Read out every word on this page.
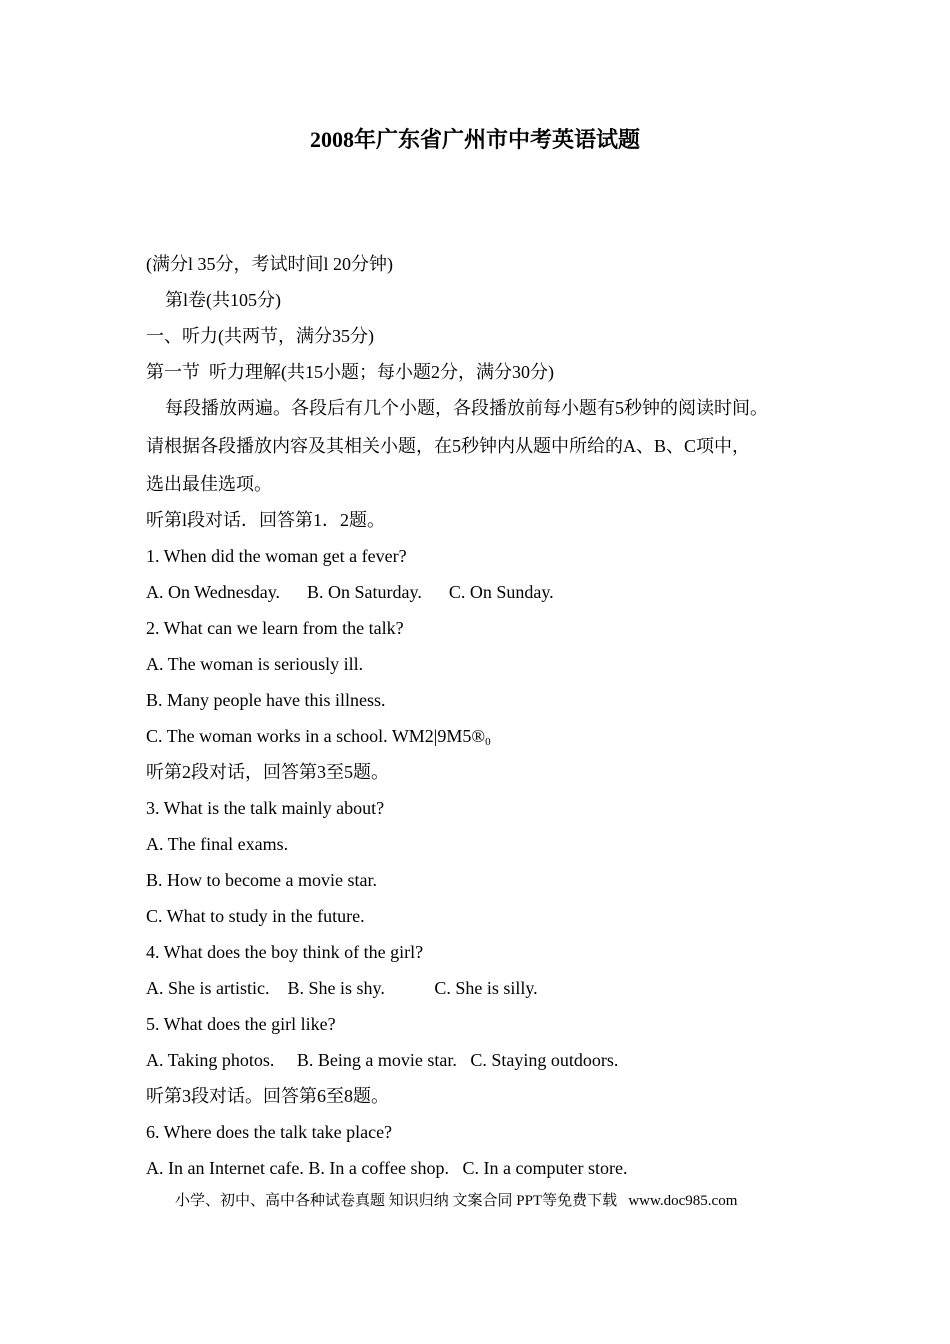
2008年广东省广州市中考英语试题
(满分l 35分，考试时间l 20分钟)
第l卷(共105分)
一、听力(共两节，满分35分)
第一节  听力理解(共15小题；每小题2分，满分30分)
每段播放两遍。各段后有几个小题，各段播放前每小题有5秒钟的阅读时间。
请根据各段播放内容及其相关小题，在5秒钟内从题中所给的A、B、C项中，
选出最佳选项。
听第l段对话．回答第1．2题。
1. When did the woman get a fever?
A. On Wednesday.      B. On Saturday.      C. On Sunday.
2. What can we learn from the talk?
A. The woman is seriously ill.
B. Many people have this illness.
C. The woman works in a school. $WM2|9M5®_0$
听第2段对话，回答第3至5题。
3. What is the talk mainly about?
A. The final exams.
B. How to become a movie star.
C. What to study in the future.
4. What does the boy think of the girl?
A. She is artistic.    B. She is shy.           C. She is silly.
5. What does the girl like?
A. Taking photos.     B. Being a movie star.   C. Staying outdoors.
听第3段对话。回答第6至8题。
6. Where does the talk take place?
A. In an Internet cafe. B. In a coffee shop.   C. In a computer store.
小学、初中、高中各种试卷真题 知识归纳 文案合同 PPT等免费下载   www.doc985.com
